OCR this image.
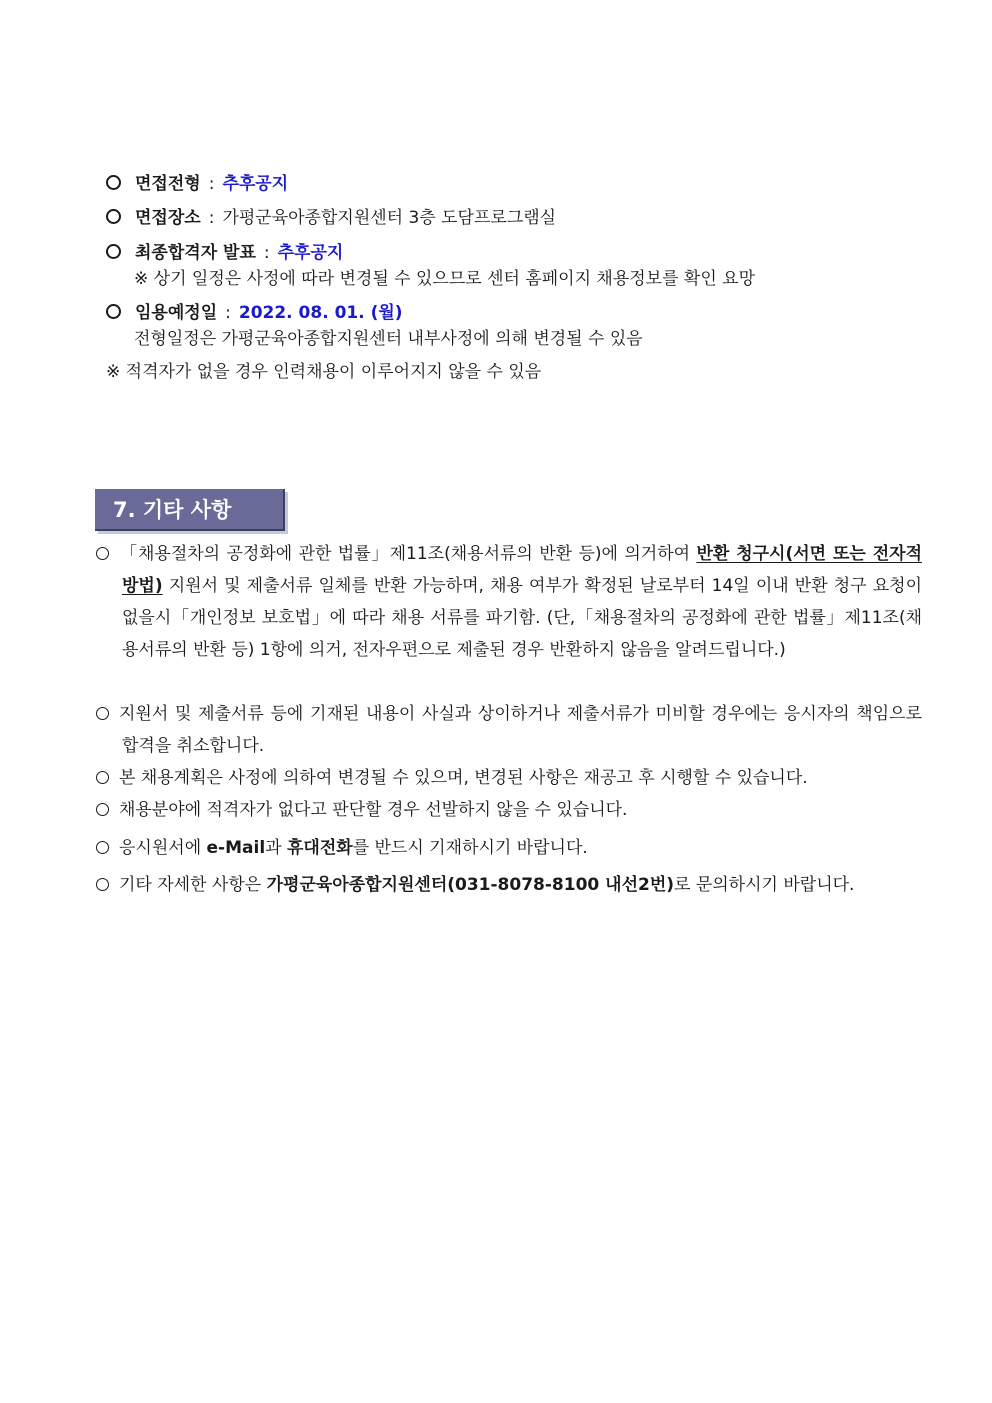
면접전형 : 추후공지
면접장소 : 가평군육아종합지원센터 3층 도담프로그램실
최종합격자 발표 : 추후공지
※ 상기 일정은 사정에 따라 변경될 수 있으므로 센터 홈페이지 채용정보를 확인 요망
임용예정일 : 2022. 08. 01. (월)
전형일정은 가평군육아종합지원센터 내부사정에 의해 변경될 수 있음
※ 적격자가 없을 경우 인력채용이 이루어지지 않을 수 있음
7. 기타 사항
「채용절차의 공정화에 관한 법률」제11조(채용서류의 반환 등)에 의거하여 반환 청구시(서면 또는 전자적 방법) 지원서 및 제출서류 일체를 반환 가능하며, 채용 여부가 확정된 날로부터 14일 이내 반환 청구 요청이 없을시「개인정보 보호법」에 따라 채용 서류를 파기함. (단,「채용절차의 공정화에 관한 법률」제11조(채용서류의 반환 등) 1항에 의거, 전자우편으로 제출된 경우 반환하지 않음을 알려드립니다.)
지원서 및 제출서류 등에 기재된 내용이 사실과 상이하거나 제출서류가 미비할 경우에는 응시자의 책임으로 합격을 취소합니다.
본 채용계획은 사정에 의하여 변경될 수 있으며, 변경된 사항은 재공고 후 시행할 수 있습니다.
채용분야에 적격자가 없다고 판단할 경우 선발하지 않을 수 있습니다.
응시원서에 e-Mail과 휴대전화를 반드시 기재하시기 바랍니다.
기타 자세한 사항은 가평군육아종합지원센터(031-8078-8100 내선2번)로 문의하시기 바랍니다.
